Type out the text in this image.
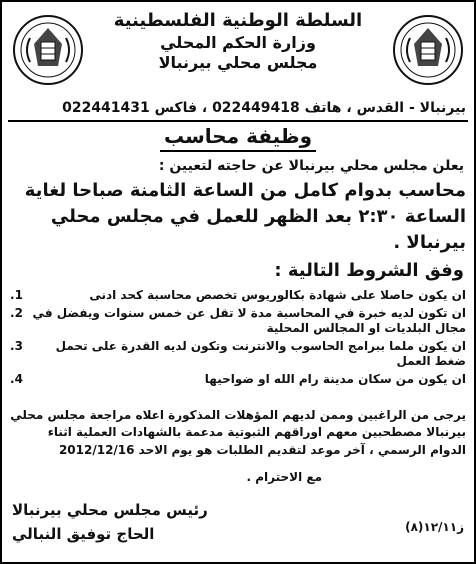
السلطة الوطنية الفلسطينية
وزارة الحكم المحلي
مجلس محلي بيرنبالا
بيرنبالا - القدس ، هاتف 022449418 ، فاكس 022441431
وظيفة محاسب
يعلن مجلس محلي بيرنبالا عن حاجته لتعيين :
محاسب بدوام كامل من الساعة الثامنة صباحا لغاية الساعة ٢:٣٠ بعد الظهر للعمل في مجلس محلي بيرنبالا .
وفق الشروط التالية :
ان يكون حاصلا على شهادة بكالوريوس تخصص محاسبة كحد ادنى
1.
ان تكون لديه خبرة في المحاسبة مدة لا تقل عن خمس سنوات ويفضل في مجال البلديات او المجالس المحلية
2.
ان يكون ملما ببرامج الحاسوب والانترنت وتكون لديه القدرة على تحمل ضغط العمل
3.
ان يكون من سكان مدينة رام الله او ضواحيها
4.
يرجى من الراغبين وممن لديهم المؤهلات المذكورة اعلاه مراجعة مجلس محلي بيرنبالا مصطحبين معهم اوراقهم الثبوتية مدعمة بالشهادات العملية اثناء الدوام الرسمي ، آخر موعد لتقديم الطلبات هو يوم الاحد 2012/12/16
مع الاحترام .
رئيس مجلس محلي بيرنبالا
الحاج توفيق النبالي	ز١٢/١١(٨)
